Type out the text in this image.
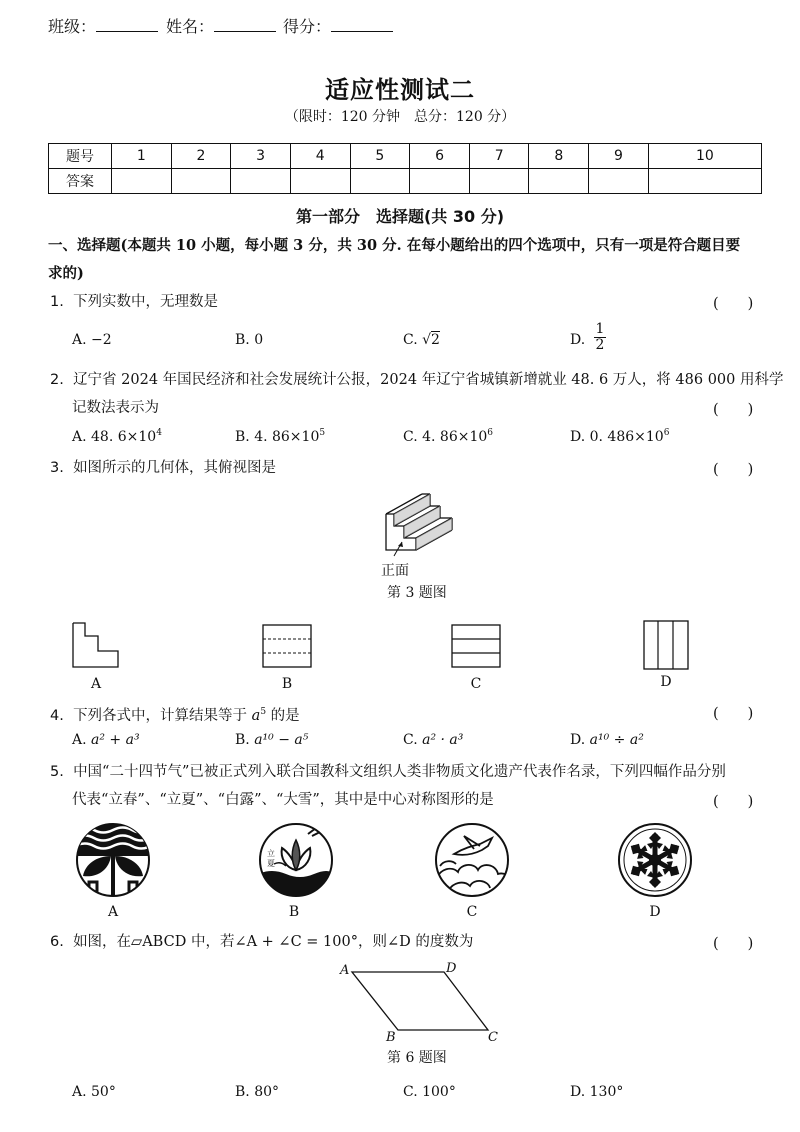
班级：	姓名：	得分：
适应性测试二
（限时：120 分钟　总分：120 分）
题号	1	2	3	4	5	6	7	8	9	10
答案										
第一部分　选择题(共 30 分)
一、选择题(本题共 10 小题，每小题 3 分，共 30 分. 在每小题给出的四个选项中，只有一项是符合题目要
求的)
1. 下列实数中，无理数是	(　　)
A. −2	B. 0	C. √2	D. $\frac{1}{2}$
2. 辽宁省 2024 年国民经济和社会发展统计公报，2024 年辽宁省城镇新增就业 48. 6 万人，将 486 000 用科学
记数法表示为	(　　)
A. 48. $6\times 10^4$	B. 4. $86\times 10^5$	C. 4. $86\times 10^6$	D. 0. $486\times 10^6$
3. 如图所示的几何体，其俯视图是	(　　)
正面
第 3 题图
A	B	C	D
4. 下列各式中，计算结果等于 $a^5$ 的是	(　　)
A. a² + a³	B. a¹⁰ − a⁵	C. a² · a³	D. a¹⁰ ÷ a²
5. 中国“二十四节气”已被正式列入联合国教科文组织人类非物质文化遗产代表作名录，下列四幅作品分别
代表“立春”、“立夏”、“白露”、“大雪”，其中是中心对称图形的是	(　　)
A
立
夏
B	C	D
6. 如图，在▱ABCD 中，若∠A + ∠C = 100°，则∠D 的度数为	(　　)
A	D
B	C
第 6 题图
A. 50°	B. 80°	C. 100°	D. 130°
